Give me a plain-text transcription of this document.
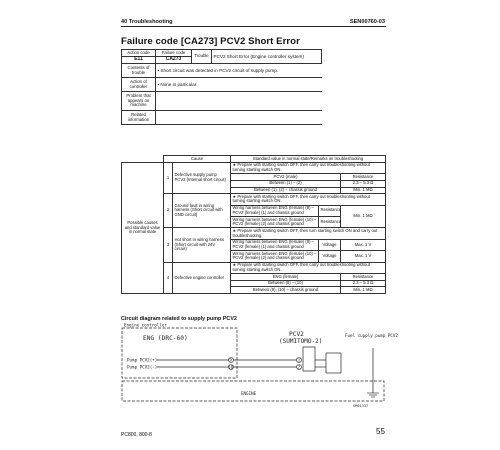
40 Troubleshooting	SEN00760-03
Failure code [CA273] PCV2 Short Error
Action code	Failure code	Trouble	PCV2 Short Error (Engine controller system)
E11	CA273		
Contents of trouble	• Short circuit was detected in PCV2 circuit of supply pump.		
Action of controller	• None in particular.		
Problem that appears on machine			
Related information			
	Cause		Standard value in normal state/Remarks on troubleshooting		
Possible causes and standard value in normal state	1	Defective supply pump PCV2 (Internal short circuit)	★ Prepare with starting switch OFF, then carry out troubleshooting without turning starting switch ON.		
			PCV2 (male)		Resistance
			Between (1) – (2)		2.3 – 5.3 Ω
			Between (1), (2) – chassis ground		Min. 1 MΩ
	2	Ground fault in wiring harness (Short circuit with GND circuit)	★ Prepare with starting switch OFF, then carry out troubleshooting without turning starting switch ON.		
			Wiring harness between ENG (female) (9) – PCV2 (female) (1) and chassis ground	Resistance	Min. 1 MΩ
			Wiring harness between ENG (female) (10) – PCV2 (female) (2) and chassis ground	Resistance	
	3	Hot short in wiring harness (Short circuit with 24V circuit)	★ Prepare with starting switch OFF, then turn starting switch ON and carry out troubleshooting.		
			Wiring harness between ENG (female) (9) – PCV2 (female) (1) and chassis ground	Voltage	Max. 1 V
			Wiring harness between ENG (female) (10) – PCV2 (female) (2) and chassis ground	Voltage	Max. 1 V
	4	Defective engine controller	★ Prepare with starting switch OFF, then carry out troubleshooting without turning starting switch ON.		
			ENG (female)		Resistance
			Between (9) – (10)		2.3 – 5.3 Ω
			Between (9), (10) – chassis ground		Min. 1 MΩ
Circuit diagram related to supply pump PCV2
Engine controller
ENG (DRC-60)
Pump PCV2(+)
Pump PCV2(-)
9
10
PCV2
(SUMITOMO-2)
1
2
Fuel supply pump PCV2
ENGINE
SM01337
PC800, 800-8	55
